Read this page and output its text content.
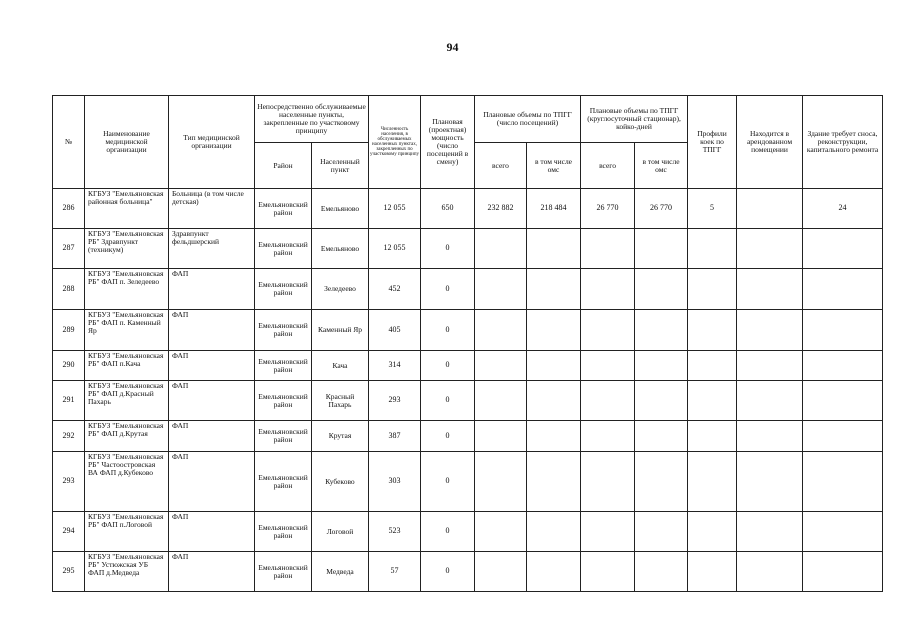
94
№	Наименование медицинской организации	Тип медицинской организации	Непосредственно обслуживаемые населенные пункты, закрепленные по участковому принципу		Численность населения, в обслуживаемых населенных пунктах, закрепленных по участковому принципу	Плановая (проектная) мощность (число посещений в смену)	Плановые объемы по ТПГГ (число посещений)		Плановые объемы по ТПГГ (круглосуточный стационар), койко-дней		Профили коек по ТПГГ	Находится в арендованном помещении	Здание требует сноса, реконструкции, капитального ремонта
			Район	Населенный пункт			всего	в том числе омс	всего	в том числе омс			
286	КГБУЗ "Емельяновская районная больница"	Больница (в том числе детская)	Емельяновский район	Емельяново	12 055	650	232 882	218 484	26 770	26 770	5		24
287	КГБУЗ "Емельяновская РБ" Здравпункт (техникум)	Здравпункт фельдшерский	Емельяновский район	Емельяново	12 055	0							
288	КГБУЗ "Емельяновская РБ" ФАП п. Зеледеево	ФАП	Емельяновский район	Зеледеево	452	0							
289	КГБУЗ "Емельяновская РБ" ФАП п. Каменный Яр	ФАП	Емельяновский район	Каменный Яр	405	0							
290	КГБУЗ "Емельяновская РБ" ФАП п.Кача	ФАП	Емельяновский район	Кача	314	0							
291	КГБУЗ "Емельяновская РБ" ФАП д.Красный Пахарь	ФАП	Емельяновский район	Красный Пахарь	293	0							
292	КГБУЗ "Емельяновская РБ" ФАП д.Крутая	ФАП	Емельяновский район	Крутая	387	0							
293	КГБУЗ "Емельяновская РБ" Частоостровская ВА ФАП д.Кубеково	ФАП	Емельяновский район	Кубеково	303	0							
294	КГБУЗ "Емельяновская РБ" ФАП п.Логовой	ФАП	Емельяновский район	Логовой	523	0							
295	КГБУЗ "Емельяновская РБ" Устюжская УБ ФАП д.Медведа	ФАП	Емельяновский район	Медведа	57	0							
